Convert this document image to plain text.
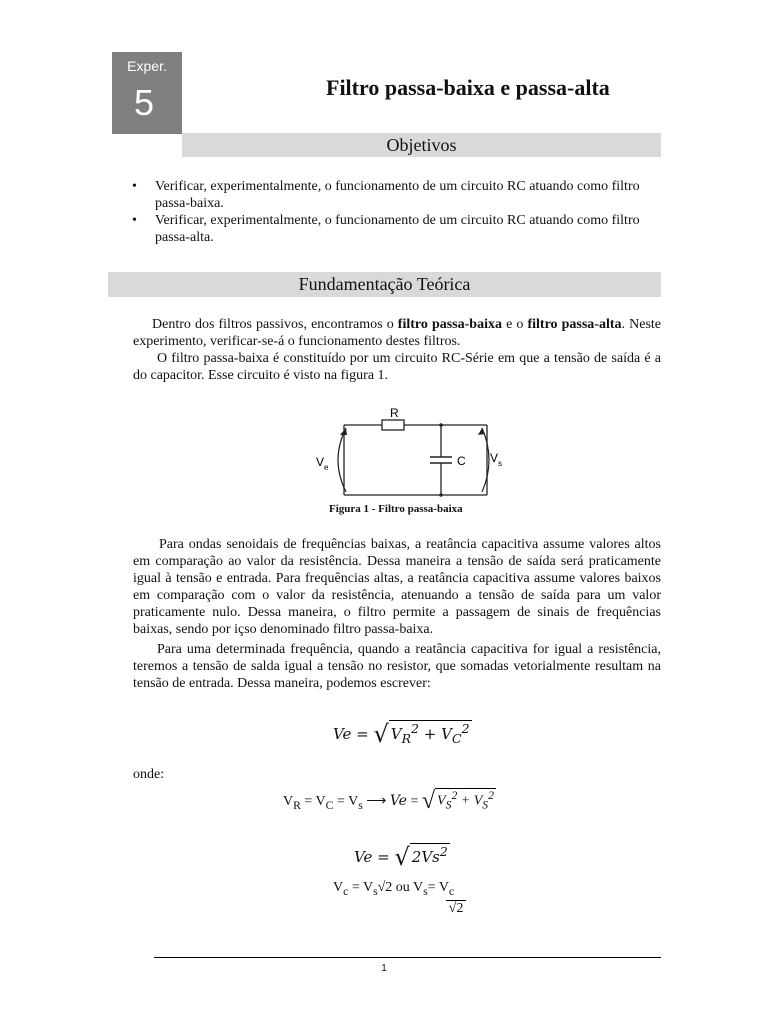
Exper.
5	Filtro passa-baixa e passa-alta
Objetivos
• Verificar, experimentalmente, o funcionamento de um circuito RC atuando como filtro passa-baixa.
• Verificar, experimentalmente, o funcionamento de um circuito RC atuando como filtro passa-alta.
Fundamentação Teórica

Dentro dos filtros passivos, encontramos o filtro passa-baixa e o filtro passa-alta. Neste experimento, verificar-se-á o funcionamento destes filtros.

O filtro passa-baixa é constituído por um circuito RC-Série em que a tensão de saída é a do capacitor. Esse circuito é visto na figura 1.

R
C
$V_e$
$V_s$
Figura 1 - Filtro passa-baixa

Para ondas senoidais de frequências baixas, a reatância capacitiva assume valores altos em comparação ao valor da resistência. Dessa maneira a tensão de saída será praticamente igual à tensão e entrada. Para frequências altas, a reatância capacitiva assume valores baixos em comparação com o valor da resistência, atenuando a tensão de saída para um valor praticamente nulo. Dessa maneira, o filtro permite a passagem de sinais de frequências baixas, sendo por içso denominado filtro passa-baixa.

Para uma determinada frequência, quando a reatância capacitiva for igual a resistência, teremos a tensão de salda igual a tensão no resistor, que somadas vetorialmente resultam na tensão de entrada. Dessa maneira, podemos escrever:

Ve = √ $V_R^2 + V_C^2$
onde:
$V_R = V_C = V_s$ ⟶ Ve = √ $V_S^2 + V_S^2$
Ve = √ 2Vs$^2$
$V_c = V_s√2$ ou $V_s= V_c$
√2
1
